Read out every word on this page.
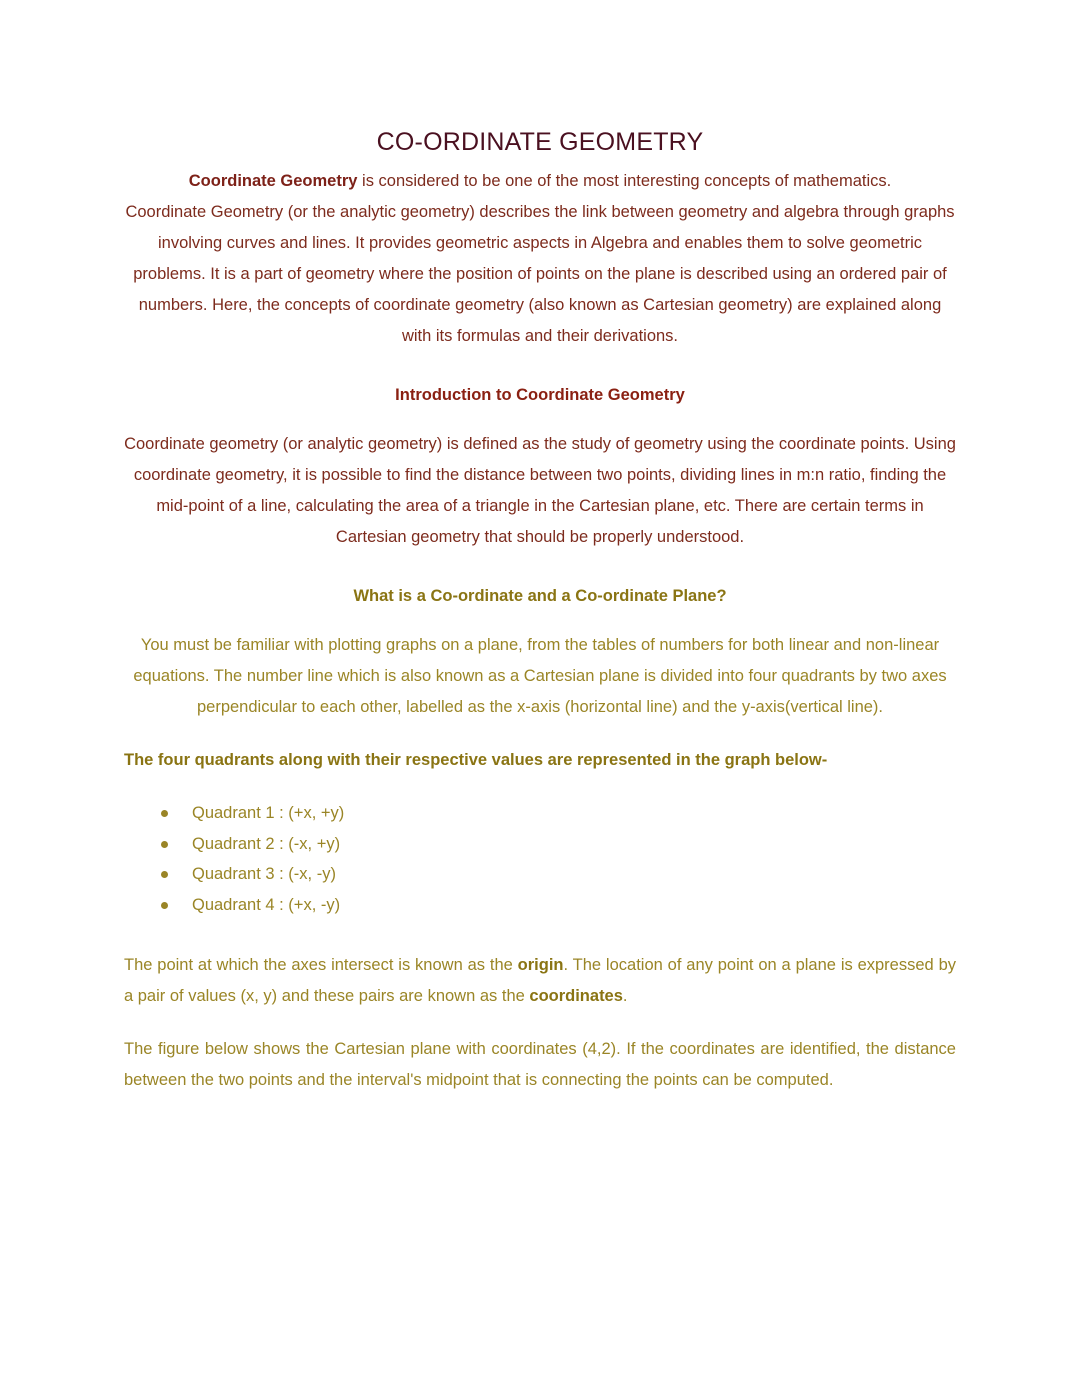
CO-ORDINATE GEOMETRY

Coordinate Geometry is considered to be one of the most interesting concepts of mathematics.

Coordinate Geometry (or the analytic geometry) describes the link between geometry and algebra through graphs involving curves and lines. It provides geometric aspects in Algebra and enables them to solve geometric problems. It is a part of geometry where the position of points on the plane is described using an ordered pair of numbers. Here, the concepts of coordinate geometry (also known as Cartesian geometry) are explained along with its formulas and their derivations.

Introduction to Coordinate Geometry

Coordinate geometry (or analytic geometry) is defined as the study of geometry using the coordinate points. Using coordinate geometry, it is possible to find the distance between two points, dividing lines in m:n ratio, finding the mid-point of a line, calculating the area of a triangle in the Cartesian plane, etc. There are certain terms in Cartesian geometry that should be properly understood.

What is a Co-ordinate and a Co-ordinate Plane?

You must be familiar with plotting graphs on a plane, from the tables of numbers for both linear and non-linear equations. The number line which is also known as a Cartesian plane is divided into four quadrants by two axes perpendicular to each other, labelled as the x-axis (horizontal line) and the y-axis(vertical line).

The four quadrants along with their respective values are represented in the graph below-

Quadrant 1 : (+x, +y)
Quadrant 2 : (-x, +y)
Quadrant 3 : (-x, -y)
Quadrant 4 : (+x, -y)

The point at which the axes intersect is known as the origin. The location of any point on a plane is expressed by a pair of values (x, y) and these pairs are known as the coordinates.

The figure below shows the Cartesian plane with coordinates (4,2). If the coordinates are identified, the distance between the two points and the interval's midpoint that is connecting the points can be computed.
